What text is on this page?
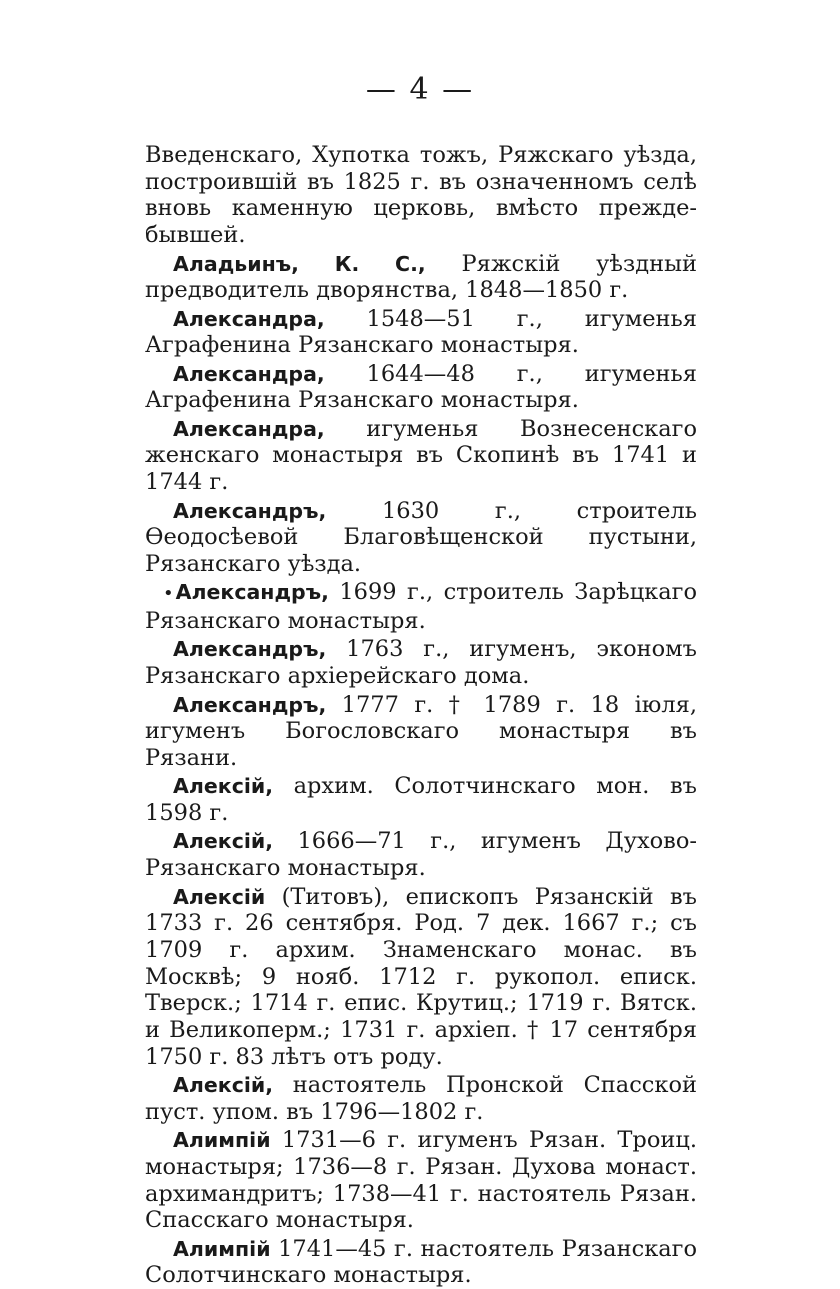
— 4 —
Введенскаго, Хупотка тожъ, Ряжскаго уѣзда, построившій въ 1825 г. въ означенномъ селѣ вновь каменную церковь, вмѣсто прежде-бывшей.
Аладьинъ, К. С., Ряжскій уѣздный предводитель дворянства, 1848—1850 г.
Александра, 1548—51 г., игуменья Аграфенина Рязанскаго монастыря.
Александра, 1644—48 г., игуменья Аграфенина Рязанскаго монастыря.
Александра, игуменья Вознесенскаго женскаго монастыря въ Скопинѣ въ 1741 и 1744 г.
Александръ, 1630 г., строитель Ѳеодосѣевой Благовѣщенской пустыни, Рязанскаго уѣзда.
•Александръ, 1699 г., строитель Зарѣцкаго Рязанскаго монастыря.
Александръ, 1763 г., игуменъ, экономъ Рязанскаго архіерейскаго дома.
Александръ, 1777 г. † 1789 г. 18 іюля, игуменъ Богословскаго монастыря въ Рязани.
Алексій, архим. Солотчинскаго мон. въ 1598 г.
Алексій, 1666—71 г., игуменъ Духово-Рязанскаго монастыря.
Алексій (Титовъ), епископъ Рязанскій въ 1733 г. 26 сентября. Род. 7 дек. 1667 г.; съ 1709 г. архим. Знаменскаго монас. въ Москвѣ; 9 нояб. 1712 г. рукопол. еписк. Тверск.; 1714 г. епис. Крутиц.; 1719 г. Вятск. и Великоперм.; 1731 г. архіеп. † 17 сентября 1750 г. 83 лѣтъ отъ роду.
Алексій, настоятель Пронской Спасской пуст. упом. въ 1796—1802 г.
Алимпій 1731—6 г. игуменъ Рязан. Троиц. монастыря; 1736—8 г. Рязан. Духова монаст. архимандритъ; 1738—41 г. настоятель Рязан. Спасскаго монастыря.
Алимпій 1741—45 г. настоятель Рязанскаго Солотчинскаго монастыря.
